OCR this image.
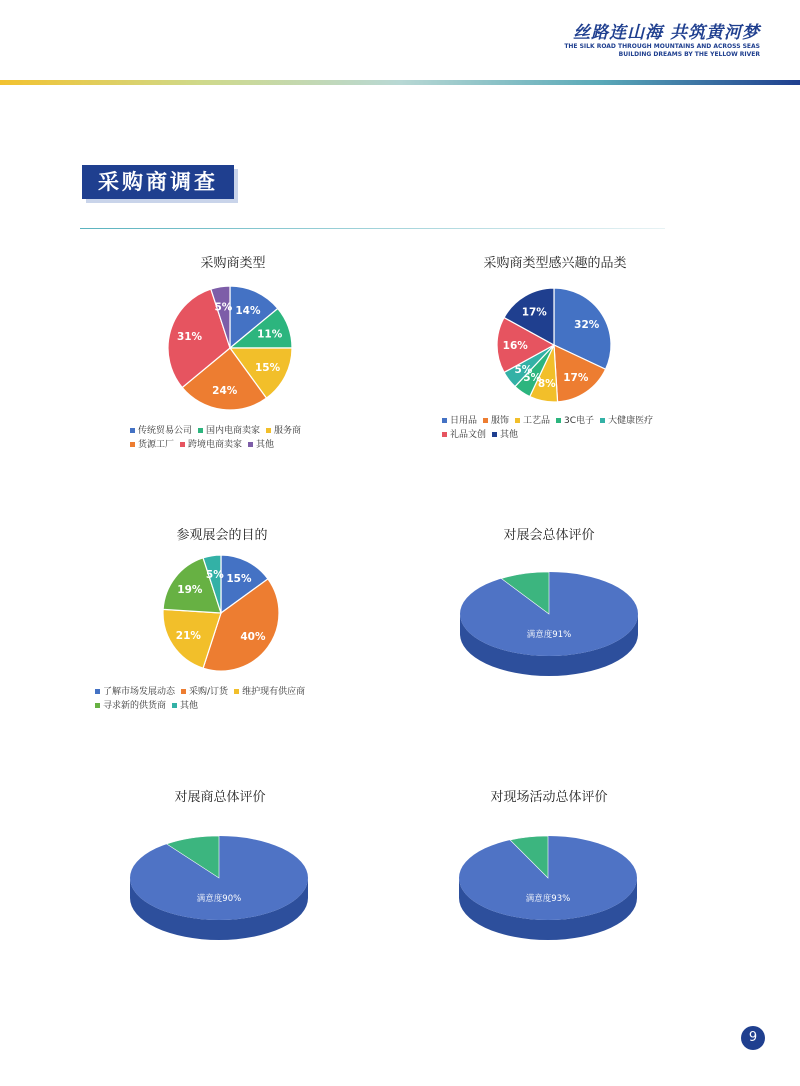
丝路连山海 共筑黄河梦
THE SILK ROAD THROUGH MOUNTAINS AND ACROSS SEAS
BUILDING DREAMS BY THE YELLOW RIVER
采购商调查
采购商类型
14%
11%
15%
24%
31%
5%
传统贸易公司 国内电商卖家 服务商货源工厂 跨境电商卖家 其他
采购商类型感兴趣的品类
32%
17%
8%
5%
5%
16%
17%
日用品 服饰 工艺品 3C电子 大健康医疗礼品文创 其他
参观展会的目的
15%
40%
21%
19%
5%
了解市场发展动态 采购/订货 维护现有供应商寻求新的供货商 其他
对展会总体评价
满意度91%
对展商总体评价
满意度90%
对现场活动总体评价
满意度93%
9
